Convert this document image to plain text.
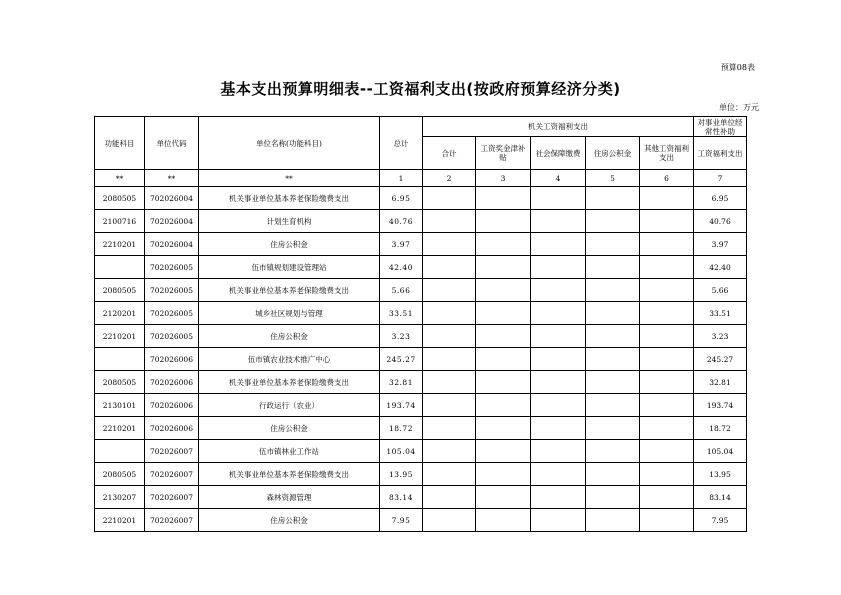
预算08表
基本支出预算明细表--工资福利支出(按政府预算经济分类)
单位：万元
功能科目	单位代码	单位名称(功能科目)	总计	机关工资福利支出					对事业单位经常性补助
				合计	工资奖金津补贴	社会保障缴费	住房公积金	其他工资福利支出	工资福利支出
**	**	**	1	2	3	4	5	6	7
2080505	702026004	机关事业单位基本养老保险缴费支出	6.95						6.95
2100716	702026004	计划生育机构	40.76						40.76
2210201	702026004	住房公积金	3.97						3.97
	702026005	伍市镇规划建设管理站	42.40						42.40
2080505	702026005	机关事业单位基本养老保险缴费支出	5.66						5.66
2120201	702026005	城乡社区规划与管理	33.51						33.51
2210201	702026005	住房公积金	3.23						3.23
	702026006	伍市镇农业技术推广中心	245.27						245.27
2080505	702026006	机关事业单位基本养老保险缴费支出	32.81						32.81
2130101	702026006	行政运行（农业）	193.74						193.74
2210201	702026006	住房公积金	18.72						18.72
	702026007	伍市镇林业工作站	105.04						105.04
2080505	702026007	机关事业单位基本养老保险缴费支出	13.95						13.95
2130207	702026007	森林资源管理	83.14						83.14
2210201	702026007	住房公积金	7.95						7.95
